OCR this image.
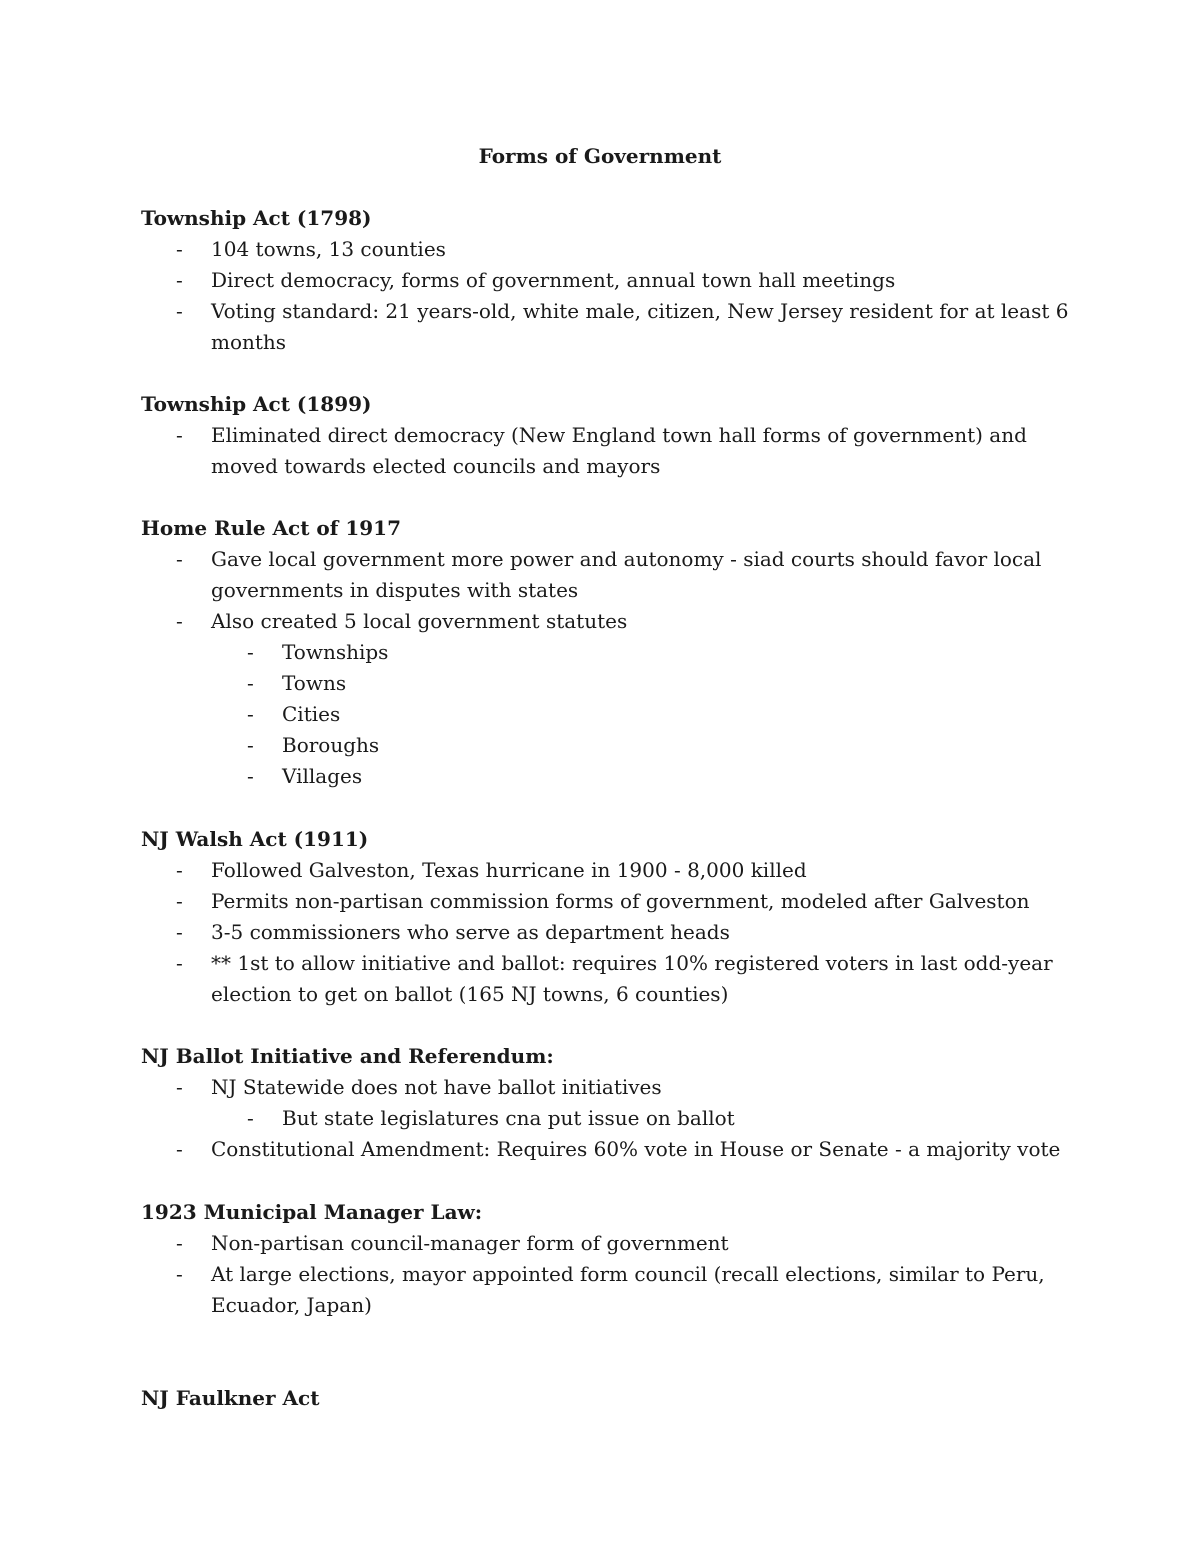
Forms of Government
Township Act (1798)
- 104 towns, 13 counties
- Direct democracy, forms of government, annual town hall meetings
- Voting standard: 21 years-old, white male, citizen, New Jersey resident for at least 6 months
Township Act (1899)
- Eliminated direct democracy (New England town hall forms of government) and moved towards elected councils and mayors
Home Rule Act of 1917
- Gave local government more power and autonomy - siad courts should favor local governments in disputes with states
- Also created 5 local government statutes
- Townships
- Towns
- Cities
- Boroughs
- Villages
NJ Walsh Act (1911)
- Followed Galveston, Texas hurricane in 1900 - 8,000 killed
- Permits non-partisan commission forms of government, modeled after Galveston
- 3-5 commissioners who serve as department heads
- ** 1st to allow initiative and ballot: requires 10% registered voters in last odd-year election to get on ballot (165 NJ towns, 6 counties)
NJ Ballot Initiative and Referendum:
- NJ Statewide does not have ballot initiatives
- But state legislatures cna put issue on ballot
- Constitutional Amendment: Requires 60% vote in House or Senate - a majority vote
1923 Municipal Manager Law:
- Non-partisan council-manager form of government
- At large elections, mayor appointed form council (recall elections, similar to Peru, Ecuador, Japan)
NJ Faulkner Act
